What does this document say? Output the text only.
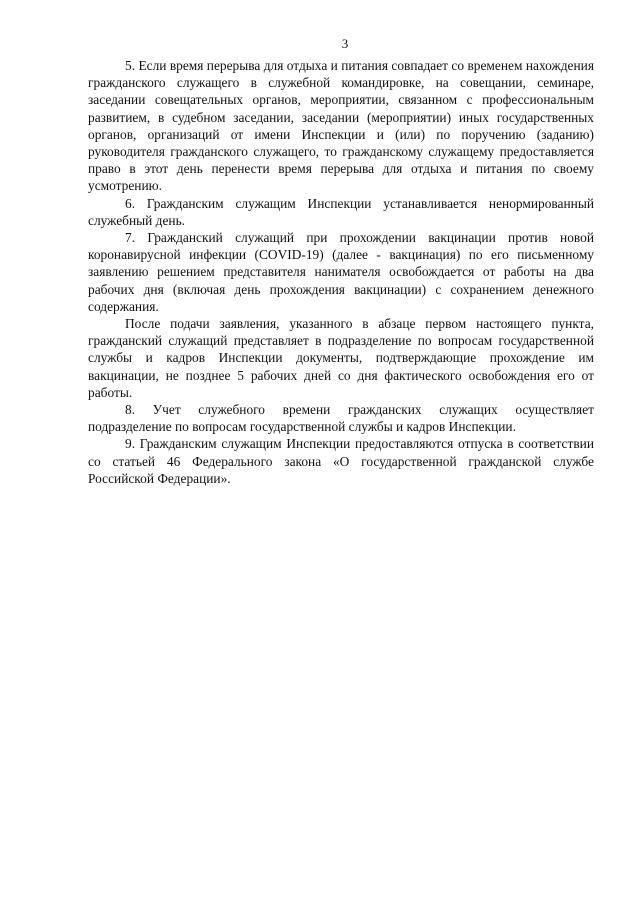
3

5. Если время перерыва для отдыха и питания совпадает со временем нахождения гражданского служащего в служебной командировке, на совещании, семинаре, заседании совещательных органов, мероприятии, связанном с профессиональным развитием, в судебном заседании, заседании (мероприятии) иных государственных органов, организаций от имени Инспекции и (или) по поручению (заданию) руководителя гражданского служащего, то гражданскому служащему предоставляется право в этот день перенести время перерыва для отдыха и питания по своему усмотрению.

6. Гражданским служащим Инспекции устанавливается ненормированный служебный день.

7. Гражданский служащий при прохождении вакцинации против новой коронавирусной инфекции (COVID-19) (далее - вакцинация) по его письменному заявлению решением представителя нанимателя освобождается от работы на два рабочих дня (включая день прохождения вакцинации) с сохранением денежного содержания.

После подачи заявления, указанного в абзаце первом настоящего пункта, гражданский служащий представляет в подразделение по вопросам государственной службы и кадров Инспекции документы, подтверждающие прохождение им вакцинации, не позднее 5 рабочих дней со дня фактического освобождения его от работы.

8. Учет служебного времени гражданских служащих осуществляет подразделение по вопросам государственной службы и кадров Инспекции.

9. Гражданским служащим Инспекции предоставляются отпуска в соответствии со статьей 46 Федерального закона «О государственной гражданской службе Российской Федерации».
